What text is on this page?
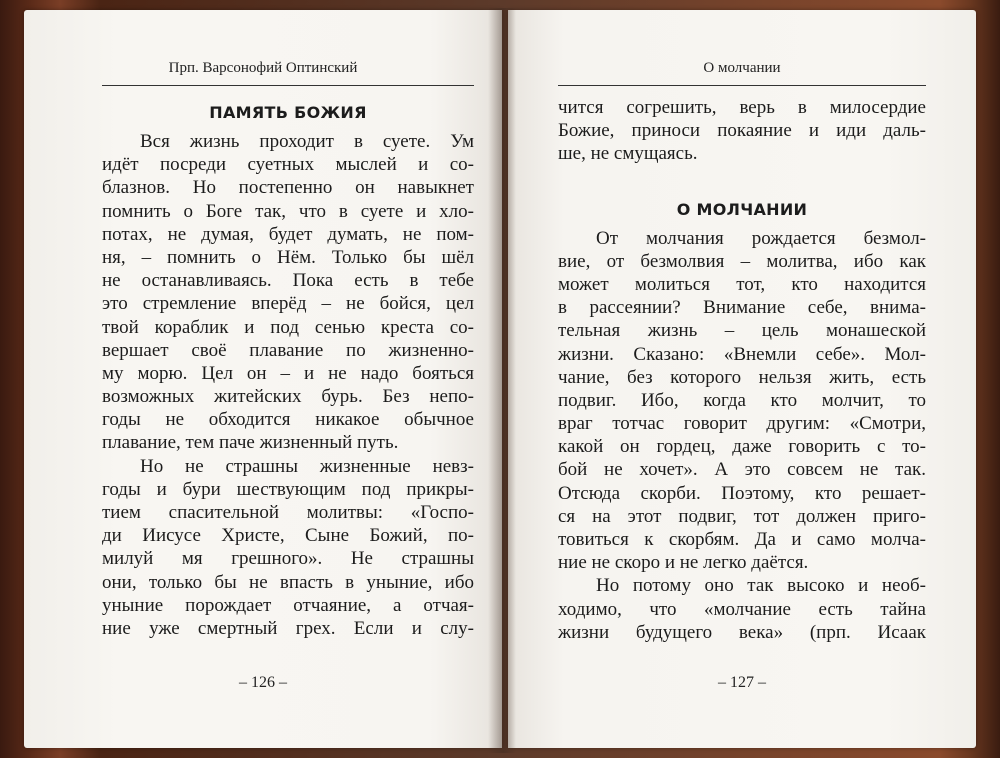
Прп. Варсонофий Оптинский
ПАМЯТЬ БОЖИЯ
Вся жизнь проходит в суете. Ум
идёт посреди суетных мыслей и со-
блазнов. Но постепенно он навыкнет
помнить о Боге так, что в суете и хло-
потах, не думая, будет думать, не пом-
ня, – помнить о Нём. Только бы шёл
не останавливаясь. Пока есть в тебе
это стремление вперёд – не бойся, цел
твой кораблик и под сенью креста со-
вершает своё плавание по жизненно-
му морю. Цел он – и не надо бояться
возможных житейских бурь. Без непо-
годы не обходится никакое обычное
плавание, тем паче жизненный путь.
Но не страшны жизненные невз-
годы и бури шествующим под прикры-
тием спасительной молитвы: «Госпо-
ди Иисусе Христе, Сыне Божий, по-
милуй мя грешного». Не страшны
они, только бы не впасть в уныние, ибо
уныние порождает отчаяние, а отчая-
ние уже смертный грех. Если и слу-
– 126 –
О молчании
чится согрешить, верь в милосердие
Божие, приноси покаяние и иди даль-
ше, не смущаясь.
О МОЛЧАНИИ
От молчания рождается безмол-
вие, от безмолвия – молитва, ибо как
может молиться тот, кто находится
в рассеянии? Внимание себе, внима-
тельная жизнь – цель монашеской
жизни. Сказано: «Внемли себе». Мол-
чание, без которого нельзя жить, есть
подвиг. Ибо, когда кто молчит, то
враг тотчас говорит другим: «Смотри,
какой он гордец, даже говорить с то-
бой не хочет». А это совсем не так.
Отсюда скорби. Поэтому, кто решает-
ся на этот подвиг, тот должен приго-
товиться к скорбям. Да и само молча-
ние не скоро и не легко даётся.
Но потому оно так высоко и необ-
ходимо, что «молчание есть тайна
жизни будущего века» (прп. Исаак
– 127 –
